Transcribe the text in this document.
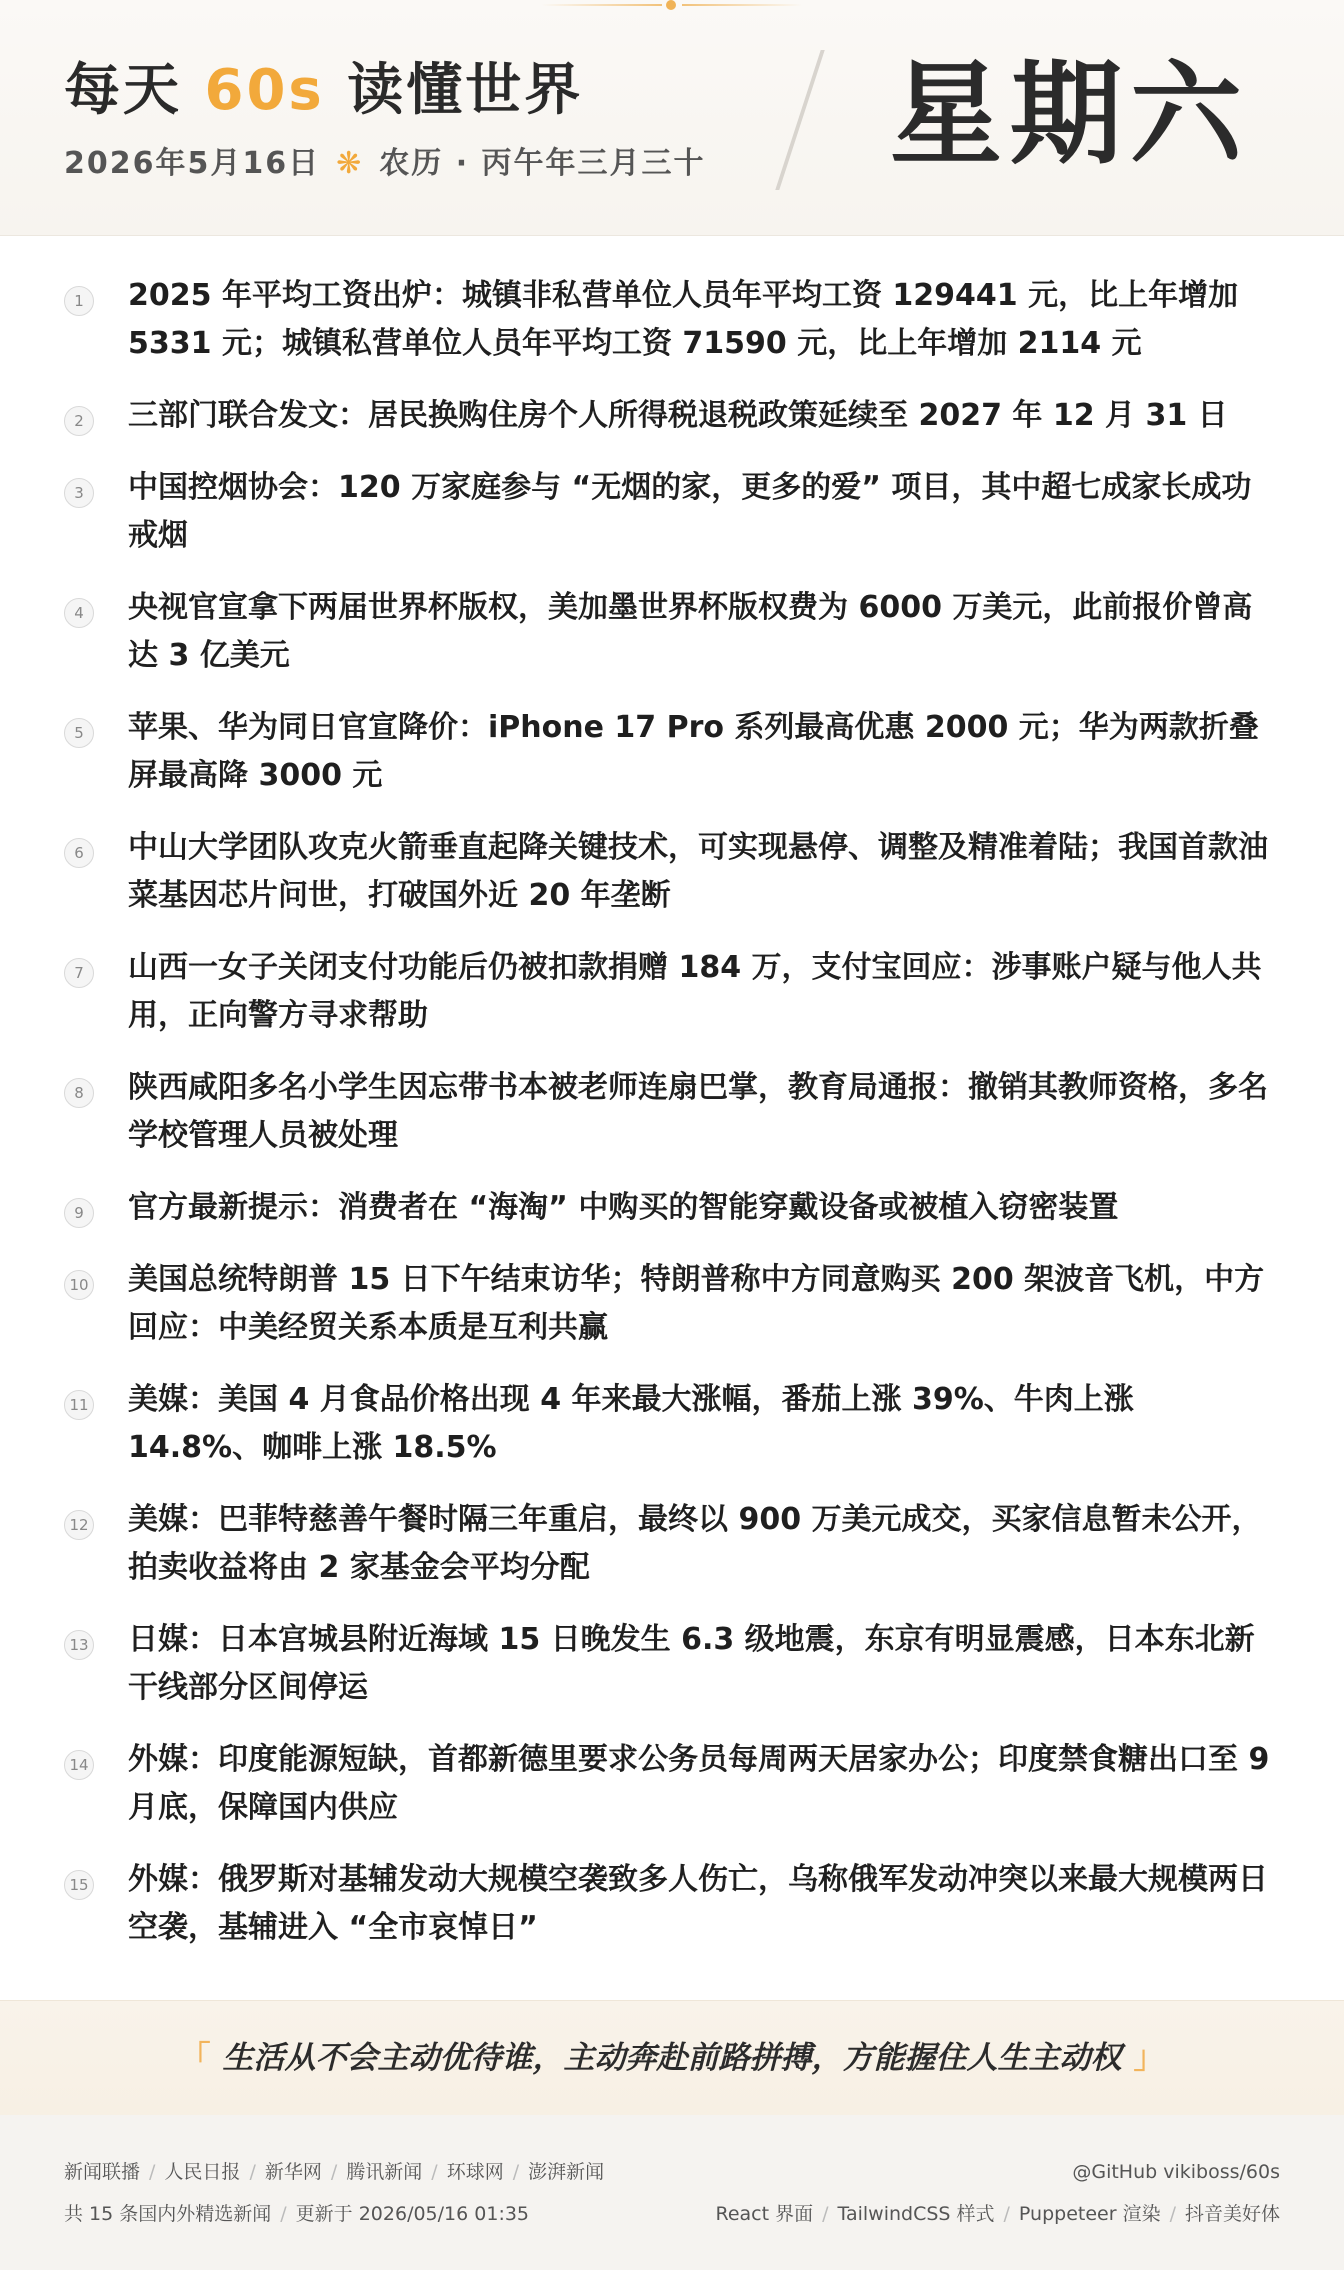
每天 60s 读懂世界
2026年5月16日 ❋ 农历 · 丙午年三月三十 星期六
1	2025 年平均工资出炉：城镇非私营单位人员年平均工资 129441 元，比上年增加 5331 元；城镇私营单位人员年平均工资 71590 元，比上年增加 2114 元
2	三部门联合发文：居民换购住房个人所得税退税政策延续至 2027 年 12 月 31 日
3	中国控烟协会：120 万家庭参与 “无烟的家，更多的爱” 项目，其中超七成家长成功戒烟
4	央视官宣拿下两届世界杯版权，美加墨世界杯版权费为 6000 万美元，此前报价曾高达 3 亿美元
5	苹果、华为同日官宣降价：iPhone 17 Pro 系列最高优惠 2000 元；华为两款折叠屏最高降 3000 元
6	中山大学团队攻克火箭垂直起降关键技术，可实现悬停、调整及精准着陆；我国首款油菜基因芯片问世，打破国外近 20 年垄断
7	山西一女子关闭支付功能后仍被扣款捐赠 184 万，支付宝回应：涉事账户疑与他人共用，正向警方寻求帮助
8	陕西咸阳多名小学生因忘带书本被老师连扇巴掌，教育局通报：撤销其教师资格，多名学校管理人员被处理
9	官方最新提示：消费者在 “海淘” 中购买的智能穿戴设备或被植入窃密装置
10 美国总统特朗普 15 日下午结束访华；特朗普称中方同意购买 200 架波音飞机，中方回应：中美经贸关系本质是互利共赢
11 美媒：美国 4 月食品价格出现 4 年来最大涨幅，番茄上涨 39%、牛肉上涨 14.8%、咖啡上涨 18.5%
12 美媒：巴菲特慈善午餐时隔三年重启，最终以 900 万美元成交，买家信息暂未公开，拍卖收益将由 2 家基金会平均分配
13 日媒：日本宫城县附近海域 15 日晚发生 6.3 级地震，东京有明显震感，日本东北新干线部分区间停运
14 外媒：印度能源短缺，首都新德里要求公务员每周两天居家办公；印度禁食糖出口至 9 月底，保障国内供应
15 外媒：俄罗斯对基辅发动大规模空袭致多人伤亡，乌称俄军发动冲突以来最大规模两日空袭，基辅进入 “全市哀悼日”
「 生活从不会主动优待谁，主动奔赴前路拼搏，方能握住人生主动权 」
新闻联播 / 人民日报 / 新华网 / 腾讯新闻 / 环球网 / 澎湃新闻	@GitHub vikiboss/60s
共 15 条国内外精选新闻 / 更新于 2026/05/16 01:35	React 界面 / TailwindCSS 样式 / Puppeteer 渲染 / 抖音美好体
